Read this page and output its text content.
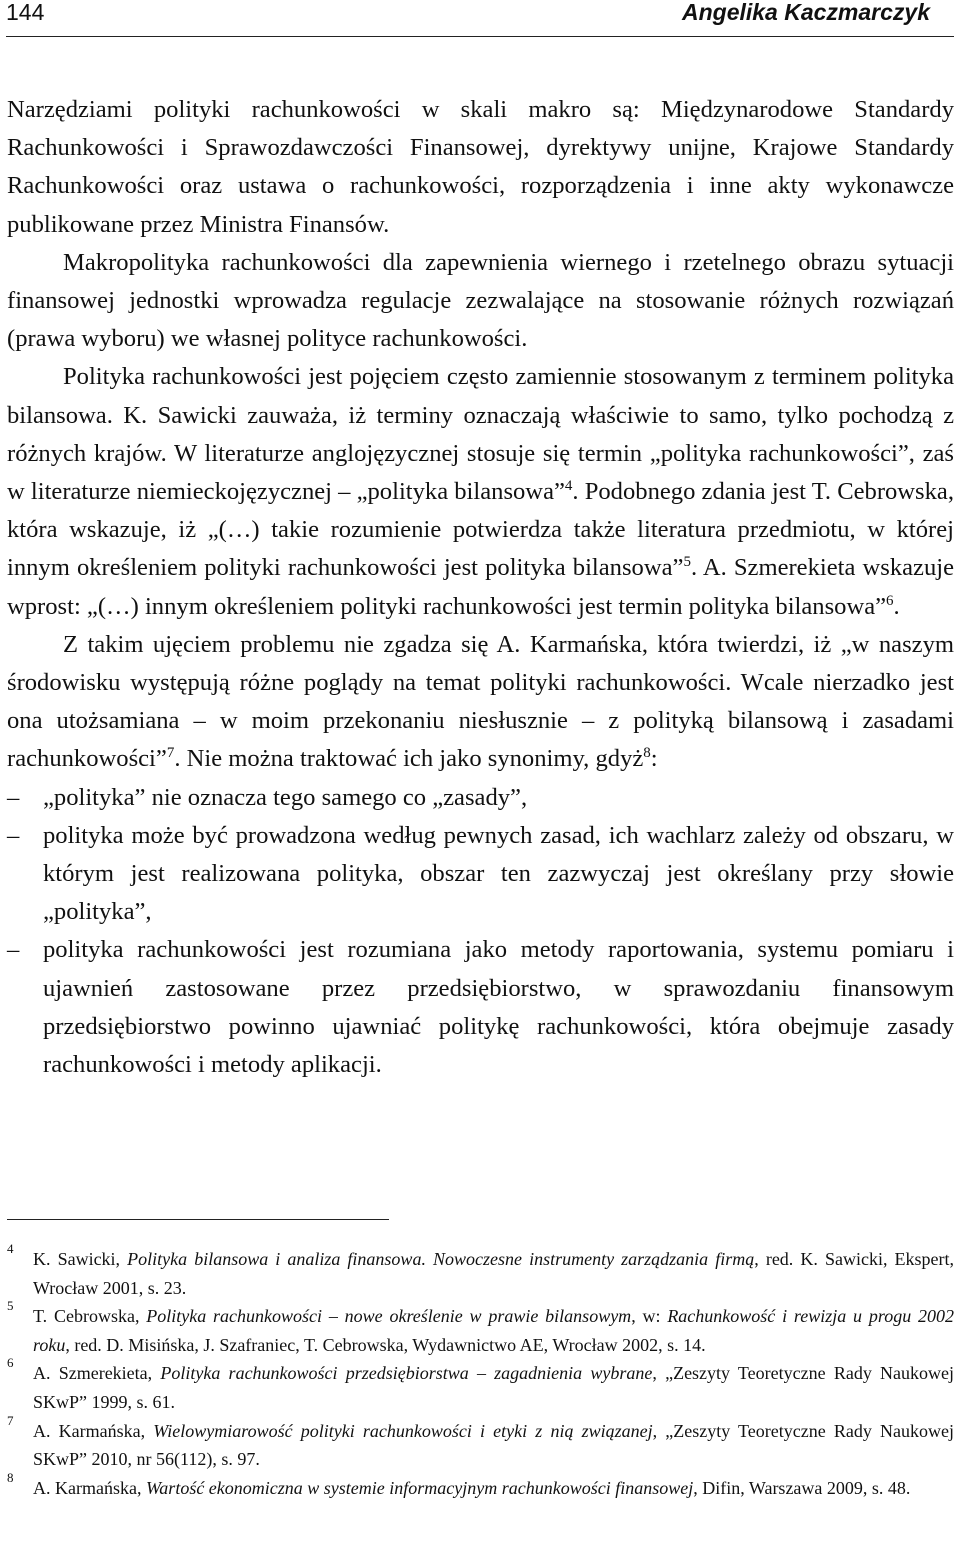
144	Angelika Kaczmarczyk

Narzędziami polityki rachunkowości w skali makro są: Międzynarodowe Standardy Rachunkowości i Sprawozdawczości Finansowej, dyrektywy unijne, Krajowe Standardy Rachunkowości oraz ustawa o rachunkowości, rozporządzenia i inne akty wykonawcze publikowane przez Ministra Finansów.

Makropolityka rachunkowości dla zapewnienia wiernego i rzetelnego obrazu sytuacji finansowej jednostki wprowadza regulacje zezwalające na stosowanie różnych rozwiązań (prawa wyboru) we własnej polityce rachunkowości.

Polityka rachunkowości jest pojęciem często zamiennie stosowanym z terminem polityka bilansowa. K. Sawicki zauważa, iż terminy oznaczają właściwie to samo, tylko pochodzą z różnych krajów. W literaturze anglojęzycznej stosuje się termin „polityka rachunkowości”, zaś w literaturze niemieckojęzycznej – „polityka bilansowa”$^4$. Podobnego zdania jest T. Cebrowska, która wskazuje, iż „(…) takie rozumienie potwierdza także literatura przedmiotu, w której innym określeniem polityki rachunkowości jest polityka bilansowa”$^5$. A. Szmerekieta wskazuje wprost: „(…) innym określeniem polityki rachunkowości jest termin polityka bilansowa”$^6$.

Z takim ujęciem problemu nie zgadza się A. Karmańska, która twierdzi, iż „w naszym środowisku występują różne poglądy na temat polityki rachunkowości. Wcale nierzadko jest ona utożsamiana – w moim przekonaniu niesłusznie – z polityką bilansową i zasadami rachunkowości”$^7$. Nie można traktować ich jako synonimy, gdyż$^8$:

– „polityka” nie oznacza tego samego co „zasady”,
– polityka może być prowadzona według pewnych zasad, ich wachlarz zależy od obszaru, w którym jest realizowana polityka, obszar ten zazwyczaj jest określany przy słowie „polityka”,
– polityka rachunkowości jest rozumiana jako metody raportowania, systemu pomiaru i ujawnień zastosowane przez przedsiębiorstwo, w sprawozdaniu finansowym przedsiębiorstwo powinno ujawniać politykę rachunkowości, która obejmuje zasady rachunkowości i metody aplikacji.
4
K. Sawicki, Polityka bilansowa i analiza finansowa. Nowoczesne instrumenty zarządzania firmą, red. K. Sawicki, Ekspert, Wrocław 2001, s. 23.
5
T. Cebrowska, Polityka rachunkowości – nowe określenie w prawie bilansowym, w: Rachunkowość i rewizja u progu 2002 roku, red. D. Misińska, J. Szafraniec, T. Cebrowska, Wydawnictwo AE, Wrocław 2002, s. 14.
6
A. Szmerekieta, Polityka rachunkowości przedsiębiorstwa – zagadnienia wybrane, „Zeszyty Teoretyczne Rady Naukowej SKwP” 1999, s. 61.
7
A. Karmańska, Wielowymiarowość polityki rachunkowości i etyki z nią związanej, „Zeszyty Teoretyczne Rady Naukowej SKwP” 2010, nr 56(112), s. 97.
8
A. Karmańska, Wartość ekonomiczna w systemie informacyjnym rachunkowości finansowej, Difin, Warszawa 2009, s. 48.
